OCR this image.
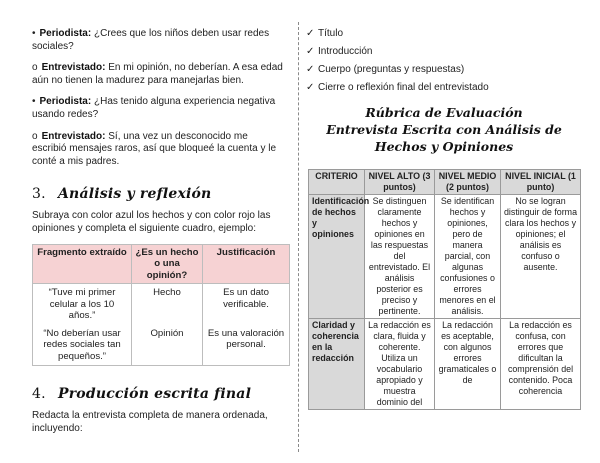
• Periodista: ¿Crees que los niños deben usar redes sociales?

o Entrevistado: En mi opinión, no deberían. A esa edad aún no tienen la madurez para manejarlas bien.

• Periodista: ¿Has tenido alguna experiencia negativa usando redes?

o Entrevistado: Sí, una vez un desconocido me escribió mensajes raros, así que bloqueé la cuenta y le conté a mis padres.

3. Análisis y reflexión

Subraya con color azul los hechos y con color rojo las opiniones y completa el siguiente cuadro, ejemplo:

Fragmento extraído	¿Es un hecho o una opinión?	Justificación
“Tuve mi primer celular a los 10 años.”	Hecho	Es un dato verificable.
“No deberían usar redes sociales tan pequeños.”	Opinión	Es una valoración personal.
4. Producción escrita final

Redacta la entrevista completa de manera ordenada, incluyendo:

✓ Título
✓ Introducción
✓ Cuerpo (preguntas y respuestas)
✓ Cierre o reflexión final del entrevistado
Rúbrica de Evaluación
Entrevista Escrita con Análisis de
Hechos y Opiniones
CRITERIO	NIVEL ALTO (3 puntos)	NIVEL MEDIO (2 puntos)	NIVEL INICIAL (1 punto)
Identificación de hechos y opiniones	Se distinguen claramente hechos y opiniones en las respuestas del entrevistado. El análisis posterior es preciso y pertinente.	Se identifican hechos y opiniones, pero de manera parcial, con algunas confusiones o errores menores en el análisis.	No se logran distinguir de forma clara los hechos y opiniones; el análisis es confuso o ausente.
Claridad y coherencia en la redacción	La redacción es clara, fluida y coherente. Utiliza un vocabulario apropiado y muestra dominio del	La redacción es aceptable, con algunos errores gramaticales o de	La redacción es confusa, con errores que dificultan la comprensión del contenido. Poca coherencia
